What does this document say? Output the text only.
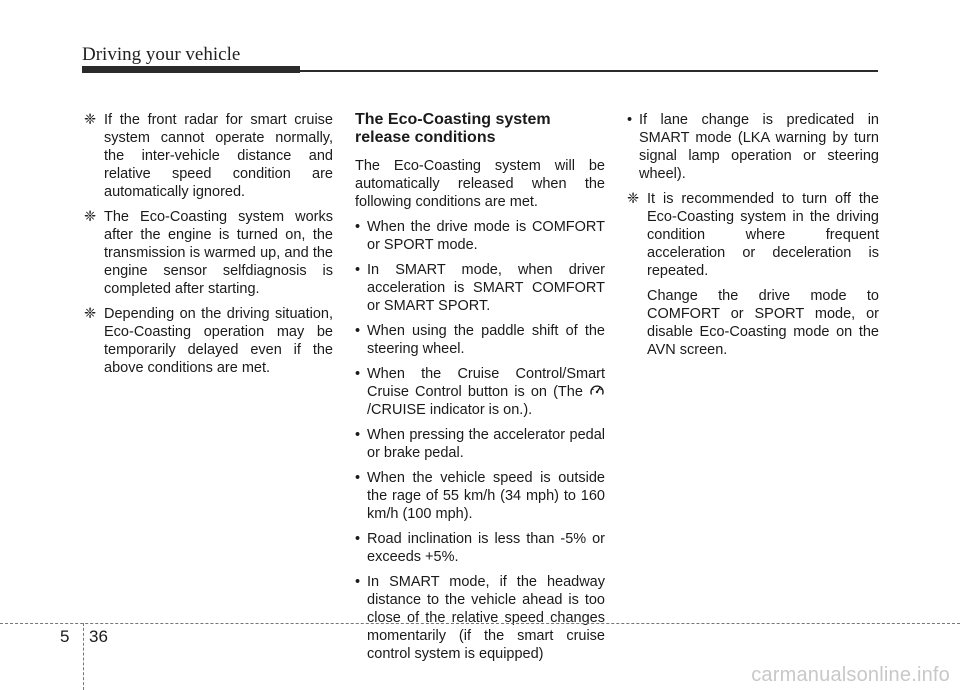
Driving your vehicle
❈ If the front radar for smart cruise system cannot operate normally, the inter-vehicle distance and relative speed condition are automatically ignored.
❈ The Eco-Coasting system works after the engine is turned on, the transmission is warmed up, and the engine sensor selfdiagnosis is completed after starting.
❈ Depending on the driving situation, Eco-Coasting operation may be temporarily delayed even if the above conditions are met.
The Eco-Coasting system release conditions
The Eco-Coasting system will be automatically released when the following conditions are met.
• When the drive mode is COMFORT or SPORT mode.
• In SMART mode, when driver acceleration is SMART COMFORT or SMART SPORT.
• When using the paddle shift of the steering wheel.
• When the Cruise Control/Smart Cruise Control button is on (The /CRUISE indicator is on.).
• When pressing the accelerator pedal or brake pedal.
• When the vehicle speed is outside the rage of 55 km/h (34 mph) to 160 km/h (100 mph).
• Road inclination is less than -5% or exceeds +5%.
• In SMART mode, if the headway distance to the vehicle ahead is too close of the relative speed changes momentarily (if the smart cruise control system is equipped)
• If lane change is predicated in SMART mode (LKA warning by turn signal lamp operation or steering wheel).
❈ It is recommended to turn off the Eco-Coasting system in the driving condition where frequent acceleration or deceleration is repeated.
Change the drive mode to COMFORT or SPORT mode, or disable Eco-Coasting mode on the AVN screen.
5 36
carmanualsonline.info
